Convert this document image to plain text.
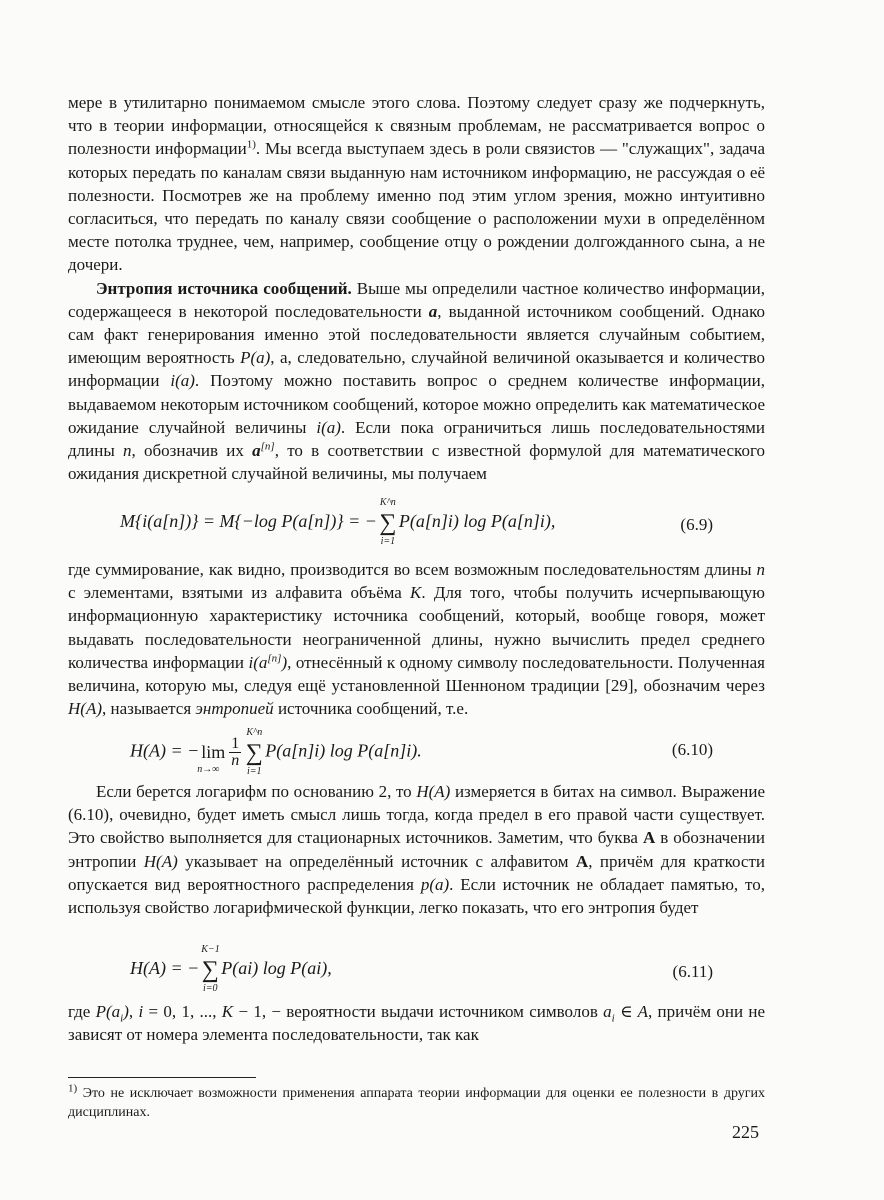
мере в утилитарно понимаемом смысле этого слова. Поэтому следует сразу же подчеркнуть, что в теории информации, относящейся к связным проблемам, не рассматривается вопрос о полезности информации$^{1)}$. Мы всегда выступаем здесь в роли связистов — "служащих", задача которых передать по каналам связи выданную нам источником информацию, не рассуждая о её полезности. Посмотрев же на проблему именно под этим углом зрения, можно интуитивно согласиться, что передать по каналу связи сообщение о расположении мухи в определённом месте потолка труднее, чем, например, сообщение отцу о рождении долгожданного сына, а не дочери.

Энтропия источника сообщений. Выше мы определили частное количество информации, содержащееся в некоторой последовательности a, выданной источником сообщений. Однако сам факт генерирования именно этой последовательности является случайным событием, имеющим вероятность P(a), а, следовательно, случайной величиной оказывается и количество информации i(a). Поэтому можно поставить вопрос о среднем количестве информации, выдаваемом некоторым источником сообщений, которое можно определить как математическое ожидание случайной величины i(a). Если пока ограничиться лишь последовательностями длины n, обозначив их a[n], то в соответствии с известной формулой для математического ожидания дискретной случайной величины, мы получаем

M{i(a[n])} = M{−log P(a[n])} = −
K^n
∑
i=1
P(a[n]i) log P(a[n]i),	(6.9)

где суммирование, как видно, производится во всем возможным последовательностям длины n с элементами, взятыми из алфавита объёма K. Для того, чтобы получить исчерпывающую информационную характеристику источника сообщений, который, вообще говоря, может выдавать последовательности неограниченной длины, нужно вычислить предел среднего количества информации i(a[n]), отнесённый к одному символу последовательности. Полученная величина, которую мы, следуя ещё установленной Шенноном традиции [29], обозначим через H(A), называется энтропией источника сообщений, т.е.

H(A) = − lim
n→∞
$\frac{1}{n}$
K^n
∑
i=1
P(a[n]i) log P(a[n]i).	(6.10)

Если берется логарифм по основанию 2, то H(A) измеряется в битах на символ. Выражение (6.10), очевидно, будет иметь смысл лишь тогда, когда предел в его правой части существует. Это свойство выполняется для стационарных источников. Заметим, что буква A в обозначении энтропии H(A) указывает на определённый источник с алфавитом A, причём для краткости опускается вид вероятностного распределения p(a). Если источник не обладает памятью, то, используя свойство логарифмической функции, легко показать, что его энтропия будет

H(A) = −
K−1
∑
i=0
P(ai) log P(ai),	(6.11)

где $P(a_i)$, i = 0, 1, ..., K − 1, − вероятности выдачи источником символов $a_i$ ∈ A, причём они не зависят от номера элемента последовательности, так как

$^{1)}$ Это не исключает возможности применения аппарата теории информации для оценки ее полезности в других дисциплинах.
225
